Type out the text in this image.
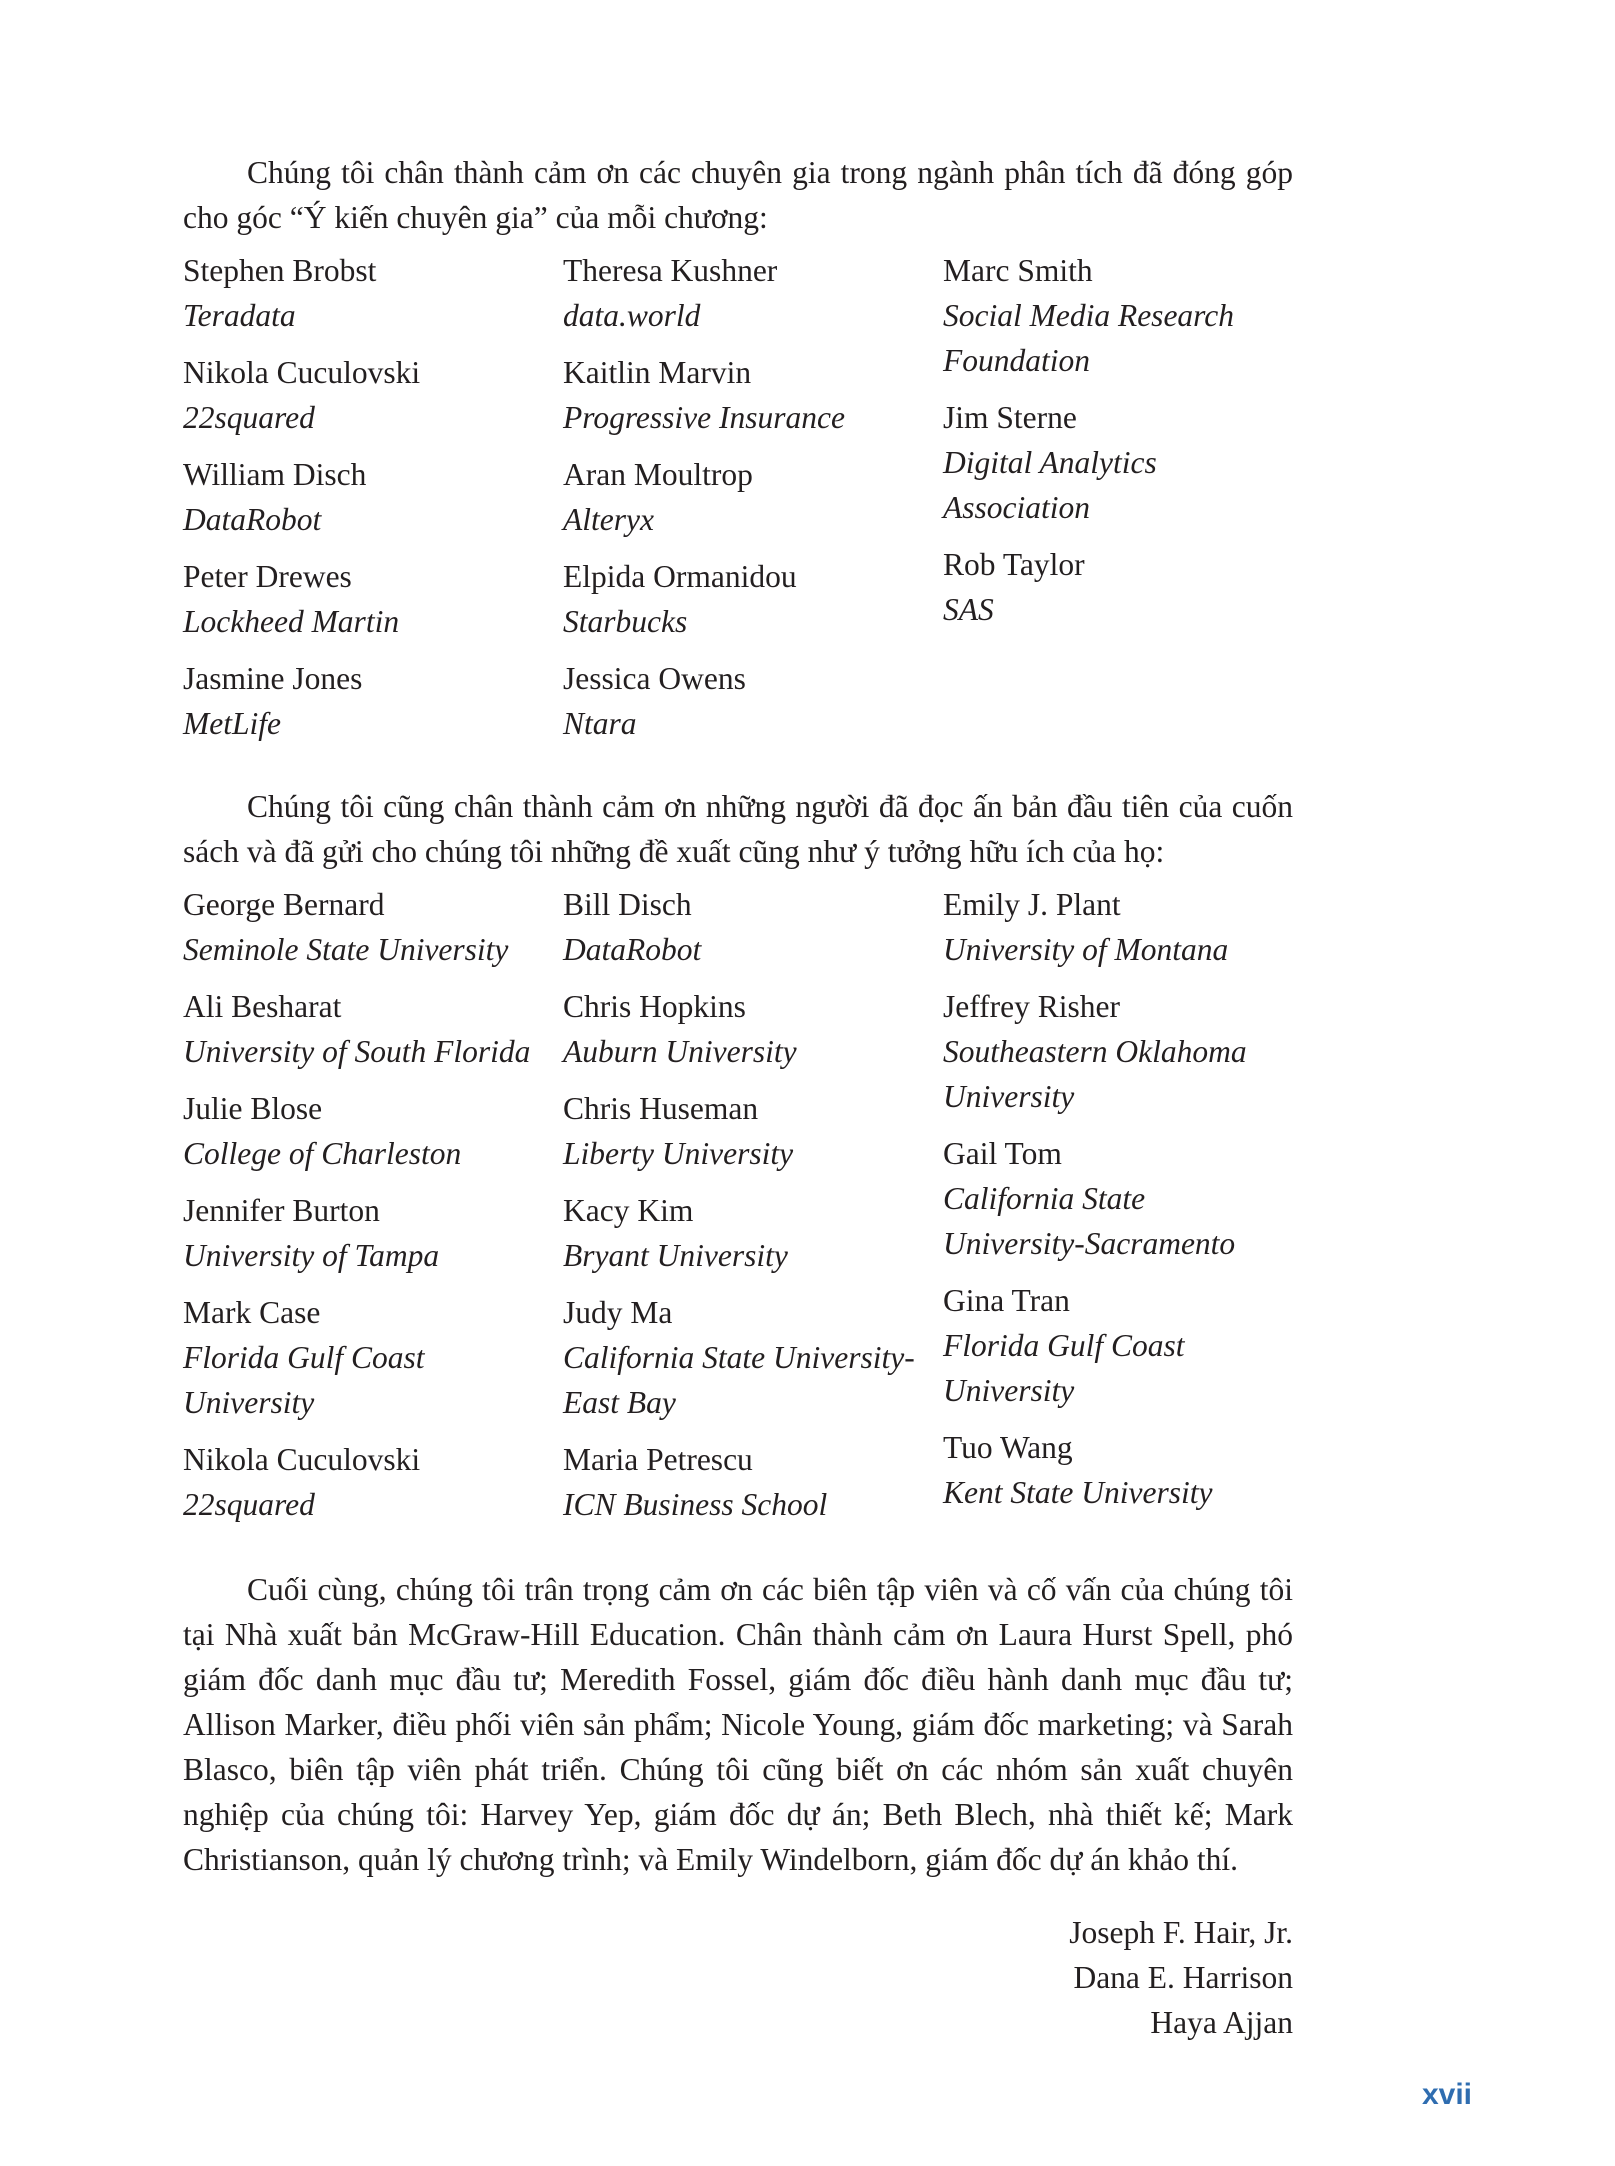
Chúng tôi chân thành cảm ơn các chuyên gia trong ngành phân tích đã đóng góp cho góc “Ý kiến chuyên gia” của mỗi chương:

Stephen Brobst
Teradata
Nikola Cuculovski
22squared
William Disch
DataRobot
Peter Drewes
Lockheed Martin
Jasmine Jones
MetLife
Theresa Kushner
data.world
Kaitlin Marvin
Progressive Insurance
Aran Moultrop
Alteryx
Elpida Ormanidou
Starbucks
Jessica Owens
Ntara
Marc Smith
Social Media Research Foundation
Jim Sterne
Digital Analytics Association
Rob Taylor
SAS

Chúng tôi cũng chân thành cảm ơn những người đã đọc ấn bản đầu tiên của cuốn sách và đã gửi cho chúng tôi những đề xuất cũng như ý tưởng hữu ích của họ:

George Bernard
Seminole State University
Ali Besharat
University of South Florida
Julie Blose
College of Charleston
Jennifer Burton
University of Tampa
Mark Case
Florida Gulf Coast University
Nikola Cuculovski
22squared
Bill Disch
DataRobot
Chris Hopkins
Auburn University
Chris Huseman
Liberty University
Kacy Kim
Bryant University
Judy Ma
California State University-East Bay
Maria Petrescu
ICN Business School
Emily J. Plant
University of Montana
Jeffrey Risher
Southeastern Oklahoma University
Gail Tom
California State University-Sacramento
Gina Tran
Florida Gulf Coast University
Tuo Wang
Kent State University

Cuối cùng, chúng tôi trân trọng cảm ơn các biên tập viên và cố vấn của chúng tôi tại Nhà xuất bản McGraw-Hill Education. Chân thành cảm ơn Laura Hurst Spell, phó giám đốc danh mục đầu tư; Meredith Fossel, giám đốc điều hành danh mục đầu tư; Allison Marker, điều phối viên sản phẩm; Nicole Young, giám đốc marketing; và Sarah Blasco, biên tập viên phát triển. Chúng tôi cũng biết ơn các nhóm sản xuất chuyên nghiệp của chúng tôi: Harvey Yep, giám đốc dự án; Beth Blech, nhà thiết kế; Mark Christianson, quản lý chương trình; và Emily Windelborn, giám đốc dự án khảo thí.

Joseph F. Hair, Jr.
Dana E. Harrison
Haya Ajjan
xvii
